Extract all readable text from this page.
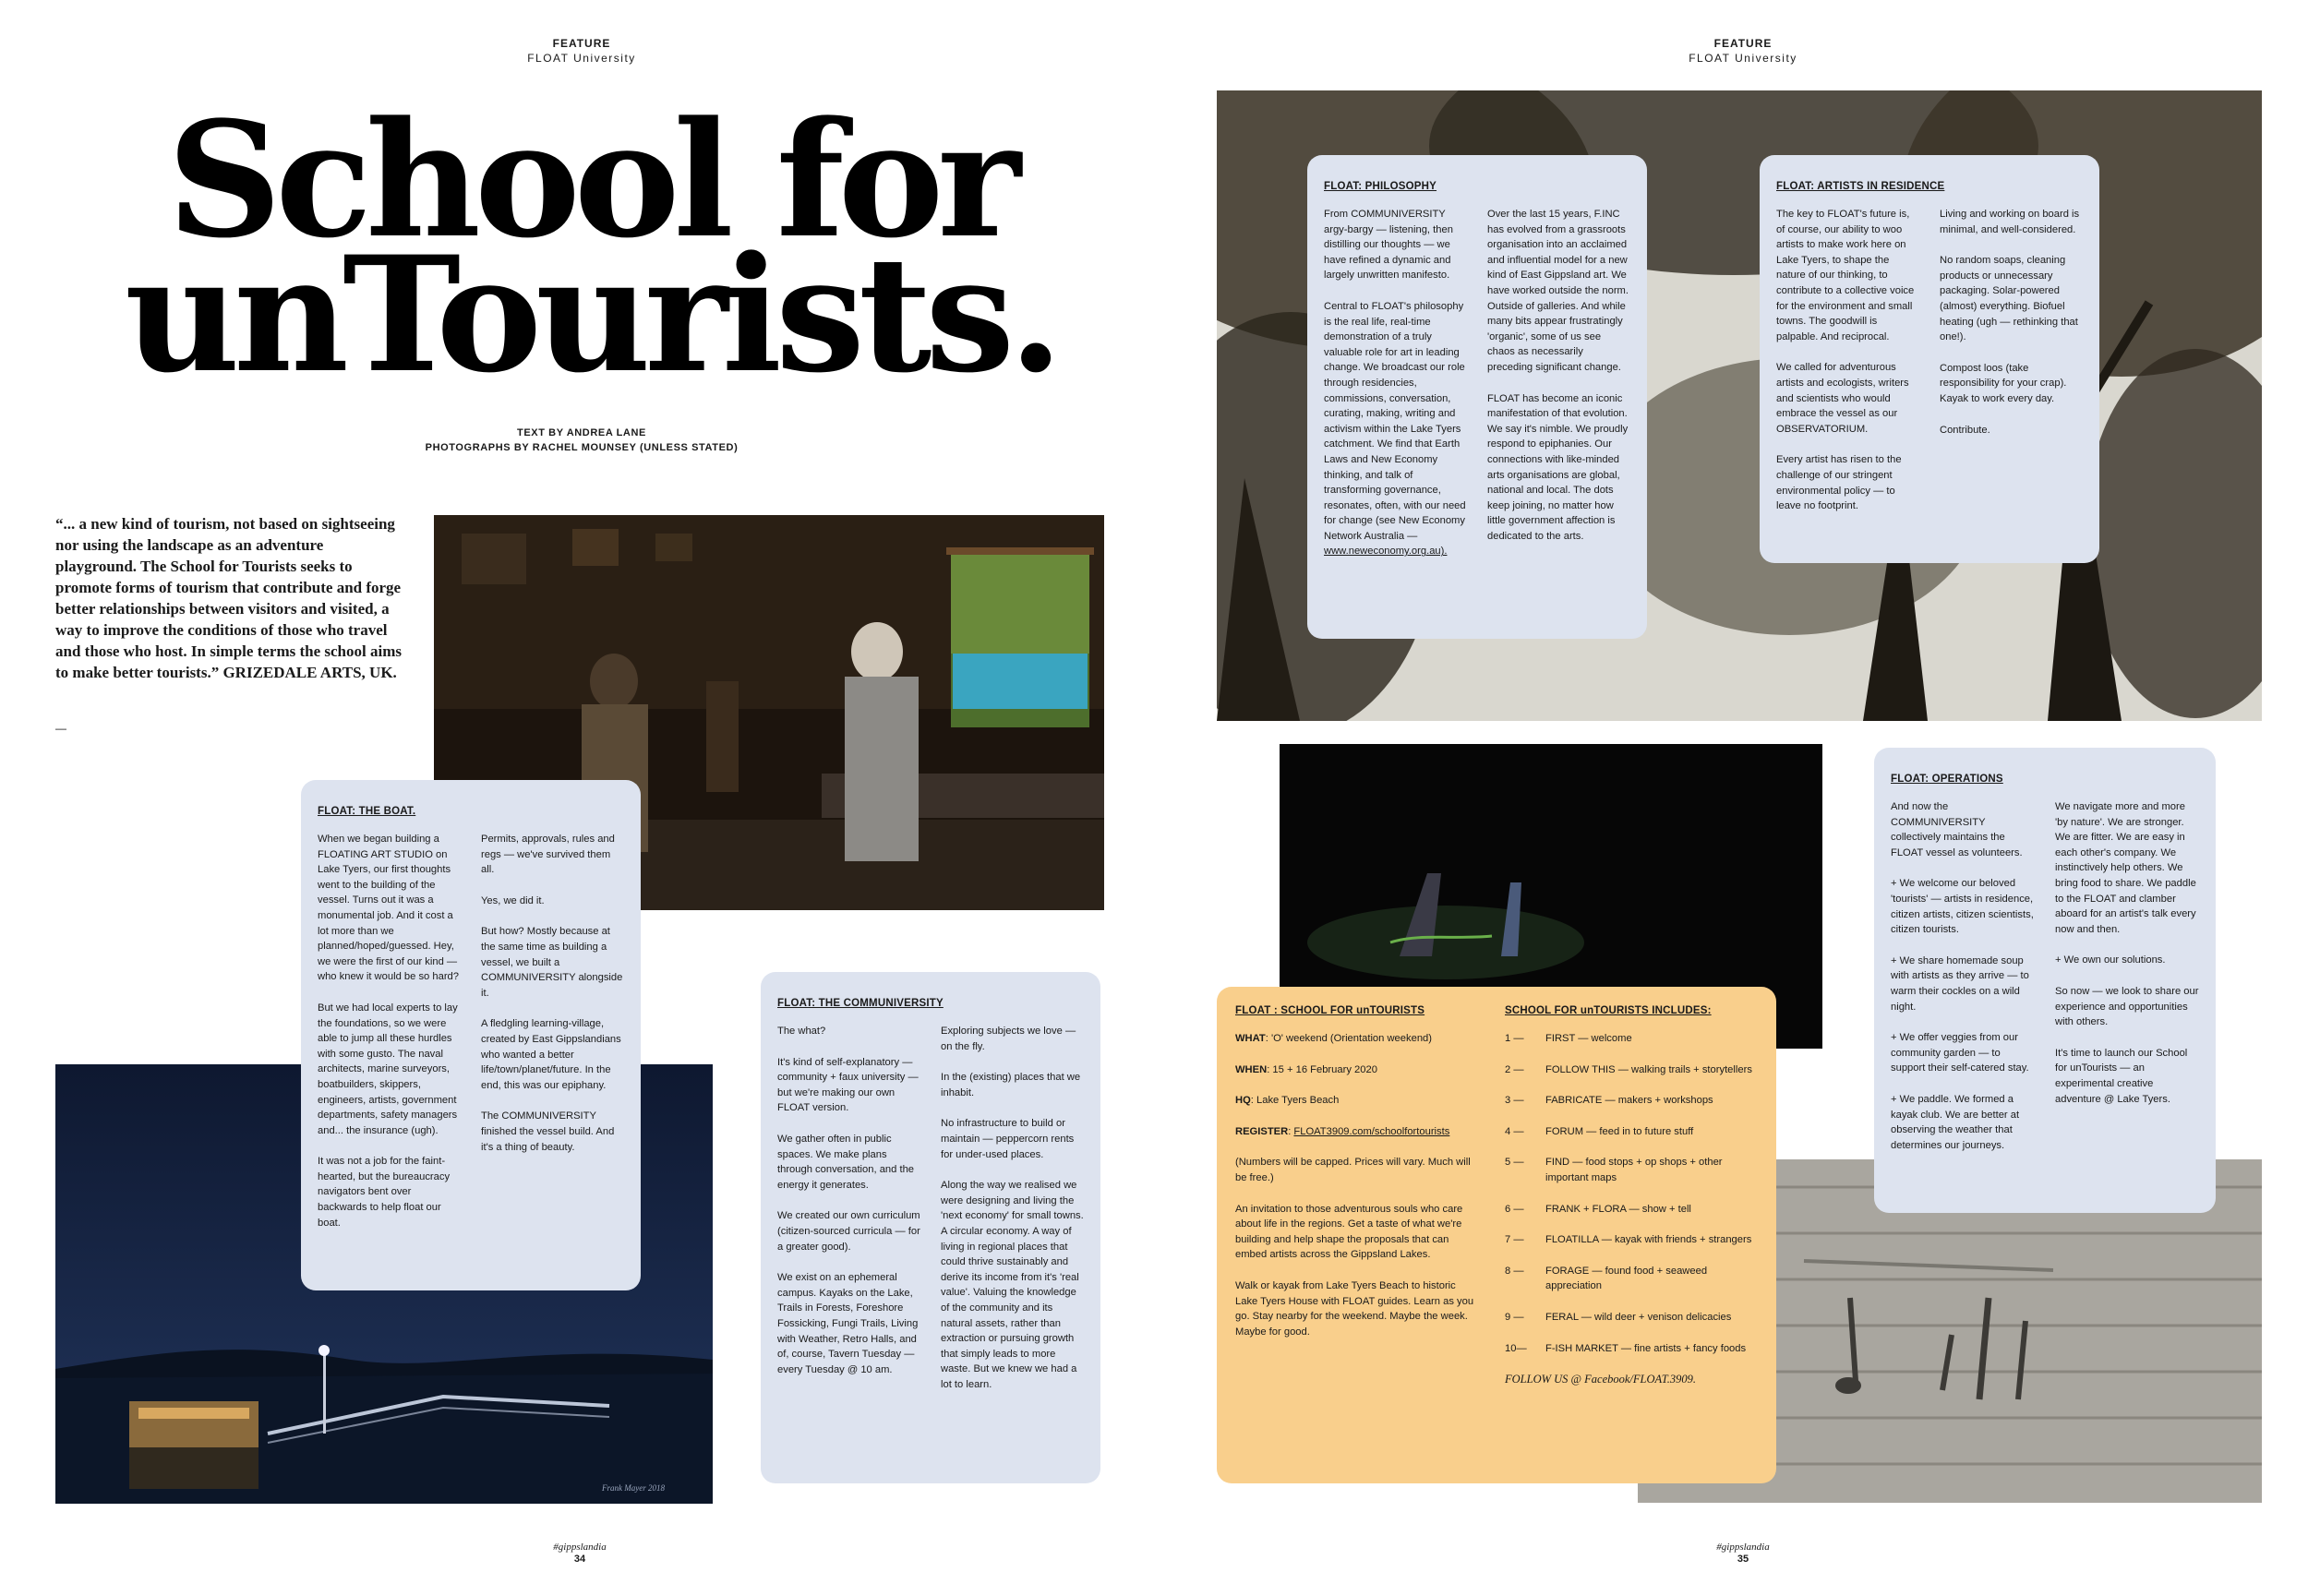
FEATURE
FLOAT University
School for
unTourists.
TEXT BY ANDREA LANE
PHOTOGRAPHS BY RACHEL MOUNSEY (UNLESS STATED)
“... a new kind of tourism, not based on sightseeing nor using the landscape as an adventure playground. The School for Tourists seeks to promote forms of tourism that contribute and forge better relationships between visitors and visited, a way to improve the conditions of those who travel and those who host. In simple terms the school aims to make better tourists.” GRIZEDALE ARTS, UK.
—
Frank Mayer 2018
FLOAT: THE BOAT.

When we began building a FLOATING ART STUDIO on Lake Tyers, our first thoughts went to the building of the vessel. Turns out it was a monumental job. And it cost a lot more than we planned/hoped/guessed. Hey, we were the first of our kind — who knew it would be so hard?

But we had local experts to lay the foundations, so we were able to jump all these hurdles with some gusto. The naval architects, marine surveyors, boatbuilders, skippers, engineers, artists, government departments, safety managers and... the insurance (ugh).

It was not a job for the faint-hearted, but the bureaucracy navigators bent over backwards to help float our boat.

Permits, approvals, rules and regs — we've survived them all.

Yes, we did it.

But how? Mostly because at the same time as building a vessel, we built a COMMUNIVERSITY alongside it.

A fledgling learning-village, created by East Gippslandians who wanted a better life/town/planet/future. In the end, this was our epiphany.

The COMMUNIVERSITY finished the vessel build. And it's a thing of beauty.

FLOAT: THE COMMUNIVERSITY

The what?

It's kind of self-explanatory — community + faux university — but we're making our own FLOAT version.

We gather often in public spaces. We make plans through conversation, and the energy it generates.

We created our own curriculum (citizen-sourced curricula — for a greater good).

We exist on an ephemeral campus. Kayaks on the Lake, Trails in Forests, Foreshore Fossicking, Fungi Trails, Living with Weather, Retro Halls, and of, course, Tavern Tuesday — every Tuesday @ 10 am.

Exploring subjects we love — on the fly.

In the (existing) places that we inhabit.

No infrastructure to build or maintain — peppercorn rents for under-used places.

Along the way we realised we were designing and living the 'next economy' for small towns. A circular economy. A way of living in regional places that could thrive sustainably and derive its income from it's 'real value'. Valuing the knowledge of the community and its natural assets, rather than extraction or pursuing growth that simply leads to more waste. But we knew we had a lot to learn.

#gippslandia
34
FEATURE
FLOAT University
FLOAT: PHILOSOPHY

From COMMUNIVERSITY argy-bargy — listening, then distilling our thoughts — we have refined a dynamic and largely unwritten manifesto.

Central to FLOAT's philosophy is the real life, real-time demonstration of a truly valuable role for art in leading change. We broadcast our role through residencies, commissions, conversation, curating, making, writing and activism within the Lake Tyers catchment. We find that Earth Laws and New Economy thinking, and talk of transforming governance, resonates, often, with our need for change (see New Economy Network Australia —

www.neweconomy.org.au).

Over the last 15 years, F.INC has evolved from a grassroots organisation into an acclaimed and influential model for a new kind of East Gippsland art. We have worked outside the norm. Outside of galleries. And while many bits appear frustratingly 'organic', some of us see chaos as necessarily preceding significant change.

FLOAT has become an iconic manifestation of that evolution. We say it's nimble. We proudly respond to epiphanies. Our connections with like-minded arts organisations are global, national and local. The dots keep joining, no matter how little government affection is dedicated to the arts.

FLOAT: ARTISTS IN RESIDENCE

The key to FLOAT's future is, of course, our ability to woo artists to make work here on Lake Tyers, to shape the nature of our thinking, to contribute to a collective voice for the environment and small towns. The goodwill is palpable. And reciprocal.

We called for adventurous artists and ecologists, writers and scientists who would embrace the vessel as our OBSERVATORIUM.

Every artist has risen to the challenge of our stringent environmental policy — to leave no footprint.

Living and working on board is minimal, and well-considered.

No random soaps, cleaning products or unnecessary packaging. Solar-powered (almost) everything. Biofuel heating (ugh — rethinking that one!).

Compost loos (take responsibility for your crap). Kayak to work every day.

Contribute.

FLOAT: OPERATIONS

And now the COMMUNIVERSITY collectively maintains the FLOAT vessel as volunteers.

+ We welcome our beloved 'tourists' — artists in residence, citizen artists, citizen scientists, citizen tourists.

+ We share homemade soup with artists as they arrive — to warm their cockles on a wild night.

+ We offer veggies from our community garden — to support their self-catered stay.

+ We paddle. We formed a kayak club. We are better at observing the weather that determines our journeys.

We navigate more and more 'by nature'. We are stronger. We are fitter. We are easy in each other's company. We instinctively help others. We bring food to share. We paddle to the FLOAT and clamber aboard for an artist's talk every now and then.

+ We own our solutions.

So now — we look to share our experience and opportunities with others.

It's time to launch our School for unTourists — an experimental creative adventure @ Lake Tyers.

FLOAT : SCHOOL FOR unTOURISTS
WHAT: 'O' weekend (Orientation weekend)
WHEN: 15 + 16 February 2020
HQ: Lake Tyers Beach
REGISTER: FLOAT3909.com/schoolfortourists
(Numbers will be capped. Prices will vary. Much will be free.)
An invitation to those adventurous souls who care about life in the regions. Get a taste of what we're building and help shape the proposals that can embed artists across the Gippsland Lakes.
Walk or kayak from Lake Tyers Beach to historic Lake Tyers House with FLOAT guides. Learn as you go. Stay nearby for the weekend. Maybe the week. Maybe for good.
SCHOOL FOR unTOURISTS INCLUDES:
1 —	FIRST — welcome
2 —	FOLLOW THIS — walking trails + storytellers
3 —	FABRICATE — makers + workshops
4 —	FORUM — feed in to future stuff
5 —	FIND — food stops + op shops + other important maps
6 —	FRANK + FLORA — show + tell
7 —	FLOATILLA — kayak with friends + strangers
8 —	FORAGE — found food + seaweed appreciation
9 —	FERAL — wild deer + venison delicacies
10—	F-ISH MARKET — fine artists + fancy foods
FOLLOW US @ Facebook/FLOAT.3909.
#gippslandia
35
